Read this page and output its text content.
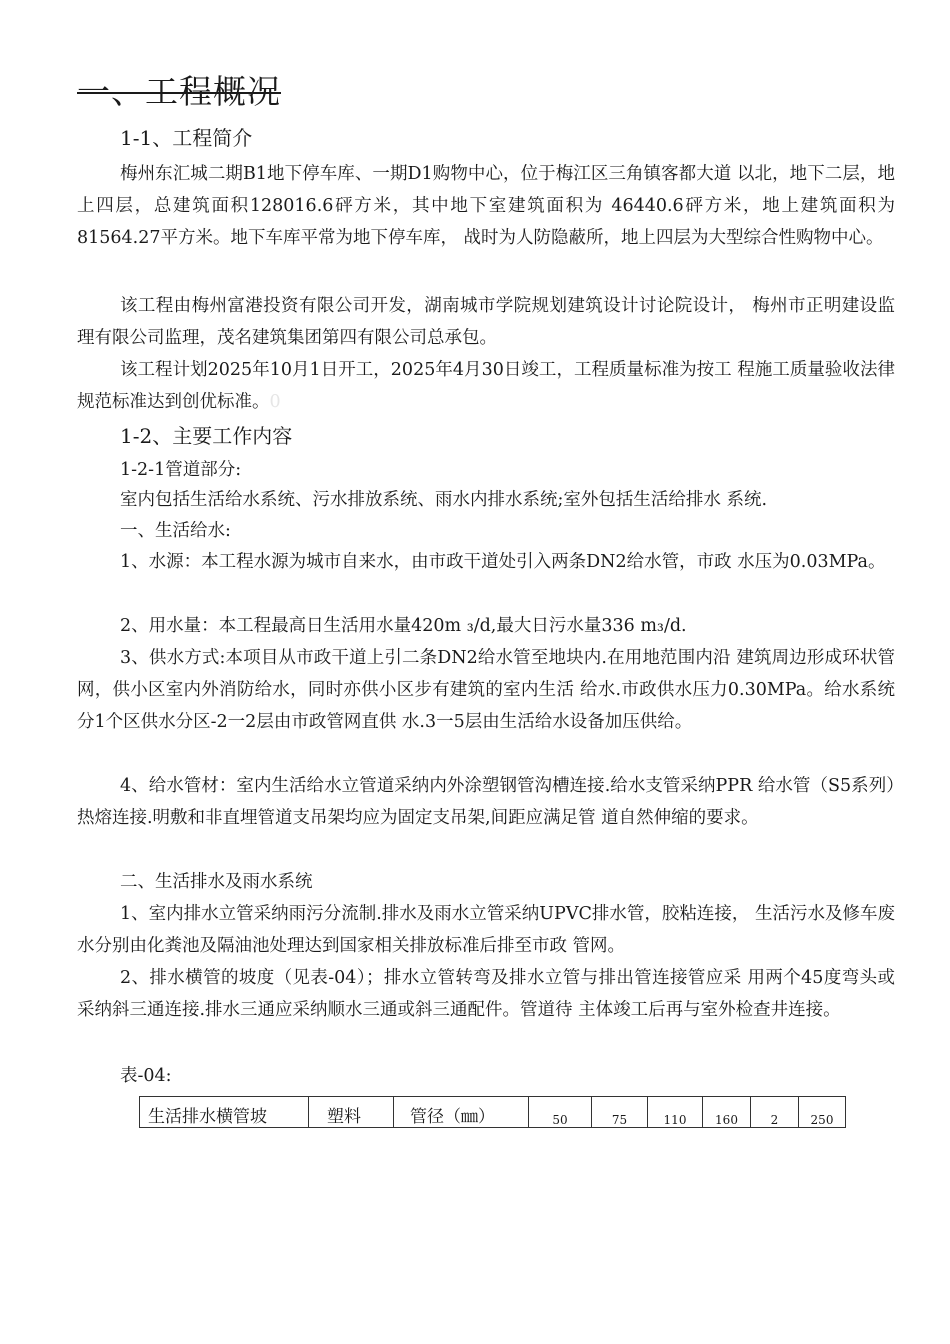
一、工程概况
1-1、工程简介

梅州东汇城二期B1地下停车库、一期D1购物中心，位于梅江区三角镇客都大道 以北，地下二层，地上四层，总建筑面积128016.6砰方米，其中地下室建筑面积为 46440.6砰方米，地上建筑面积为81564.27平方米。地下车库平常为地下停车库， 战时为人防隐蔽所，地上四层为大型综合性购物中心。

该工程由梅州富港投资有限公司开发，湖南城市学院规划建筑设计讨论院设计， 梅州市正明建设监理有限公司监理，茂名建筑集团第四有限公司总承包。

该工程计划2025年10月1日开工，2025年4月30日竣工，工程质量标准为按工 程施工质量验收法律规范标准达到创优标准。0

1-2、主要工作内容
1-2-1管道部分:
室内包括生活给水系统、污水排放系统、雨水内排水系统;室外包括生活给排水 系统.
一、生活给水:

1、水源：本工程水源为城市自来水，由市政干道处引入两条DN2给水管，市政 水压为0.03MPa。

2、用水量：本工程最高日生活用水量420m ₃/d,最大日污水量336 m₃/d.

3、供水方式:本项目从市政干道上引二条DN2给水管至地块内.在用地范围内沿 建筑周边形成环状管网，供小区室内外消防给水，同时亦供小区步有建筑的室内生活 给水.市政供水压力0.30MPa。给水系统分1个区供水分区-2一2层由市政管网直供 水.3一5层由生活给水设备加压供给。

4、给水管材：室内生活给水立管道采纳内外涂塑钢管沟槽连接.给水支管采纳PPR 给水管（S5系列）热熔连接.明敷和非直埋管道支吊架均应为固定支吊架,间距应满足管 道自然伸缩的要求。

二、生活排水及雨水系统

1、室内排水立管采纳雨污分流制.排水及雨水立管采纳UPVC排水管，胶粘连接， 生活污水及修车废水分别由化粪池及隔油池处理达到国家相关排放标准后排至市政 管网。

2、排水横管的坡度（见表-04）；排水立管转弯及排水立管与排出管连接管应采 用两个45度弯头或采纳斜三通连接.排水三通应采纳顺水三通或斜三通配件。管道待 主体竣工后再与室外检查井连接。

表-04:
生活排水横管坡	塑料	管径（㎜）	50	75	110	160	2	250
